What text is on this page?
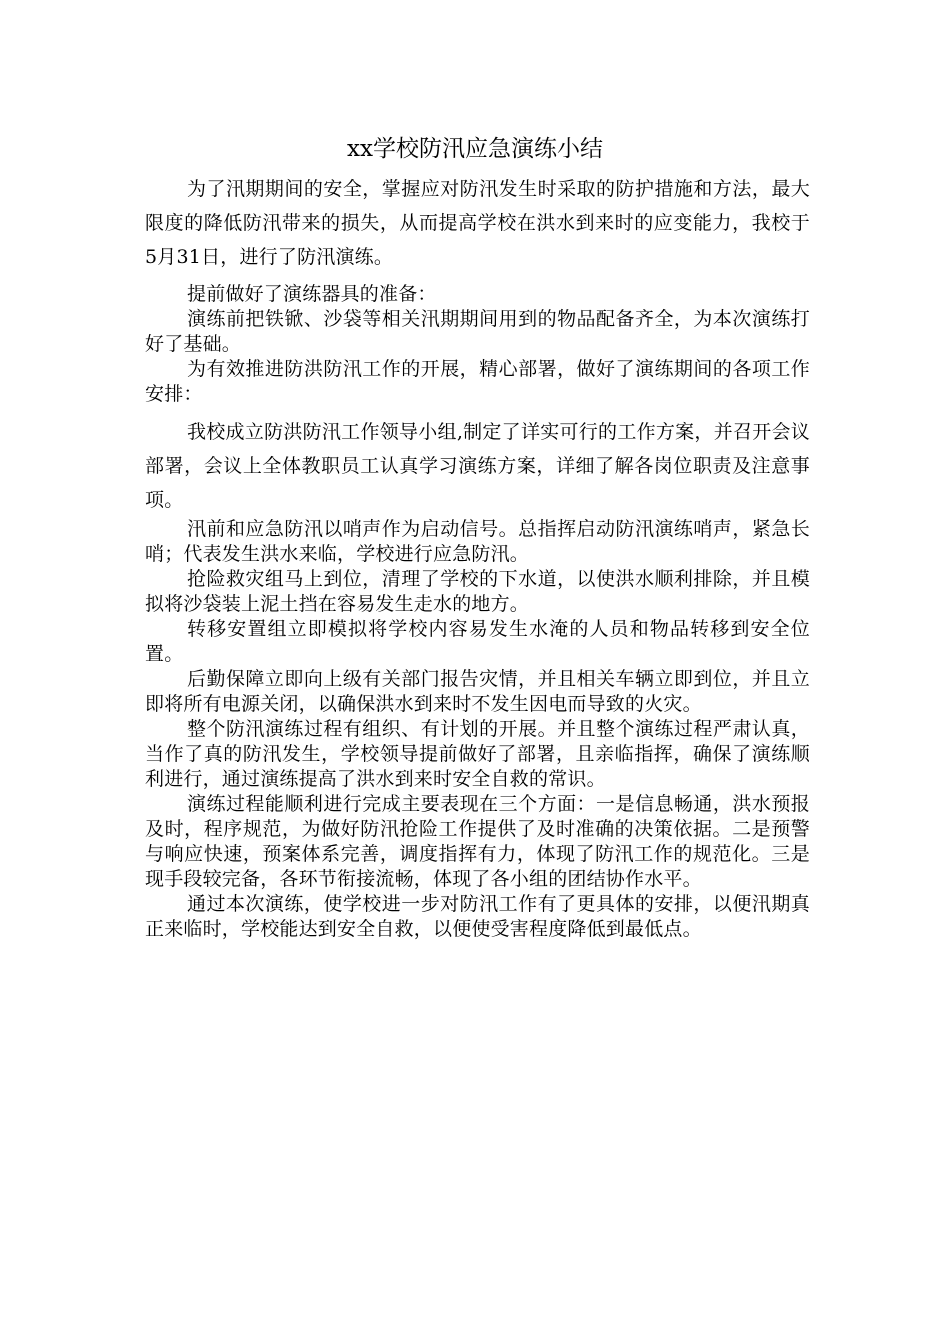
xx学校防汛应急演练小结

为了汛期期间的安全，掌握应对防汛发生时采取的防护措施和方法，最大限度的降低防汛带来的损失，从而提高学校在洪水到来时的应变能力，我校于5月31日，进行了防汛演练。

提前做好了演练器具的准备：

演练前把铁锨、沙袋等相关汛期期间用到的物品配备齐全，为本次演练打好了基础。

为有效推进防洪防汛工作的开展，精心部署，做好了演练期间的各项工作安排：

我校成立防洪防汛工作领导小组,制定了详实可行的工作方案，并召开会议部署，会议上全体教职员工认真学习演练方案，详细了解各岗位职责及注意事项。

汛前和应急防汛以哨声作为启动信号。总指挥启动防汛演练哨声，紧急长哨；代表发生洪水来临，学校进行应急防汛。

抢险救灾组马上到位，清理了学校的下水道，以使洪水顺利排除，并且模拟将沙袋装上泥土挡在容易发生走水的地方。

转移安置组立即模拟将学校内容易发生水淹的人员和物品转移到安全位置。

后勤保障立即向上级有关部门报告灾情，并且相关车辆立即到位，并且立即将所有电源关闭，以确保洪水到来时不发生因电而导致的火灾。

整个防汛演练过程有组织、有计划的开展。并且整个演练过程严肃认真，当作了真的防汛发生，学校领导提前做好了部署，且亲临指挥，确保了演练顺利进行，通过演练提高了洪水到来时安全自救的常识。

演练过程能顺利进行完成主要表现在三个方面：一是信息畅通，洪水预报及时，程序规范，为做好防汛抢险工作提供了及时准确的决策依据。二是预警与响应快速，预案体系完善，调度指挥有力，体现了防汛工作的规范化。三是现手段较完备，各环节衔接流畅，体现了各小组的团结协作水平。

通过本次演练，使学校进一步对防汛工作有了更具体的安排，以便汛期真正来临时，学校能达到安全自救，以便使受害程度降低到最低点。
